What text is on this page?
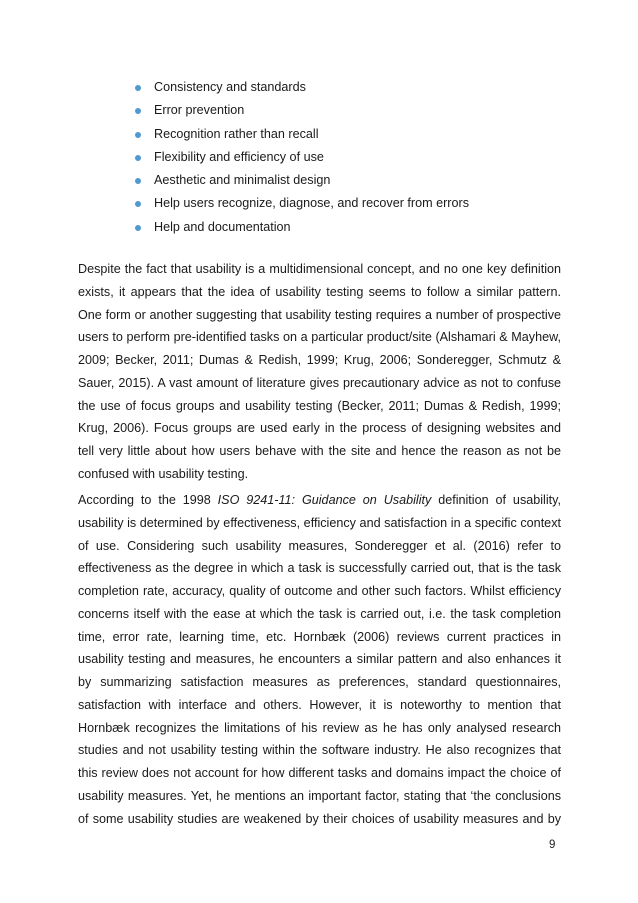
Consistency and standards
Error prevention
Recognition rather than recall
Flexibility and efficiency of use
Aesthetic and minimalist design
Help users recognize, diagnose, and recover from errors
Help and documentation

Despite the fact that usability is a multidimensional concept, and no one key definition
exists, it appears that the idea of usability testing seems to follow a similar pattern.
One form or another suggesting that usability testing requires a number of prospective
users to perform pre-identified tasks on a particular product/site (Alshamari & Mayhew,
2009; Becker, 2011; Dumas & Redish, 1999; Krug, 2006; Sonderegger, Schmutz &
Sauer, 2015). A vast amount of literature gives precautionary advice as not to confuse
the use of focus groups and usability testing (Becker, 2011; Dumas & Redish, 1999;
Krug, 2006). Focus groups are used early in the process of designing websites and
tell very little about how users behave with the site and hence the reason as not be
confused with usability testing.

According to the 1998 ISO 9241-11: Guidance on Usability definition of usability,
usability is determined by effectiveness, efficiency and satisfaction in a specific context
of use. Considering such usability measures, Sonderegger et al. (2016) refer to
effectiveness as the degree in which a task is successfully carried out, that is the task
completion rate, accuracy, quality of outcome and other such factors. Whilst efficiency
concerns itself with the ease at which the task is carried out, i.e. the task completion
time, error rate, learning time, etc. Hornbæk (2006) reviews current practices in
usability testing and measures, he encounters a similar pattern and also enhances it
by summarizing satisfaction measures as preferences, standard questionnaires,
satisfaction with interface and others. However, it is noteworthy to mention that
Hornbæk recognizes the limitations of his review as he has only analysed research
studies and not usability testing within the software industry. He also recognizes that
this review does not account for how different tasks and domains impact the choice of
usability measures. Yet, he mentions an important factor, stating that ‘the conclusions
of some usability studies are weakened by their choices of usability measures and by

9
